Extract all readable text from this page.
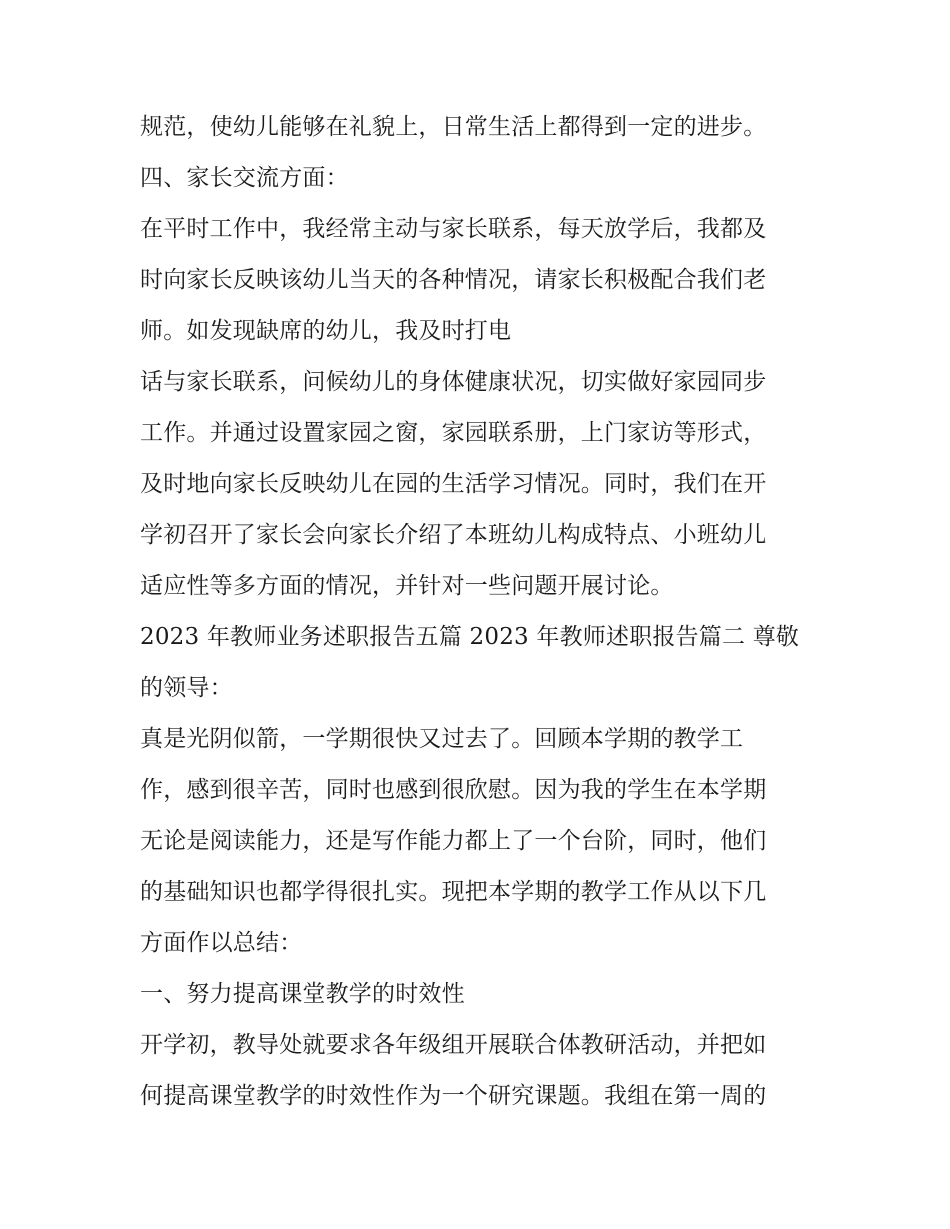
规范，使幼儿能够在礼貌上，日常生活上都得到一定的进步。
四、家长交流方面：
在平时工作中，我经常主动与家长联系，每天放学后，我都及
时向家长反映该幼儿当天的各种情况，请家长积极配合我们老
师。如发现缺席的幼儿，我及时打电
话与家长联系，问候幼儿的身体健康状况，切实做好家园同步
工作。并通过设置家园之窗，家园联系册，上门家访等形式，
及时地向家长反映幼儿在园的生活学习情况。同时，我们在开
学初召开了家长会向家长介绍了本班幼儿构成特点、小班幼儿
适应性等多方面的情况，并针对一些问题开展讨论。
2023 年教师业务述职报告五篇 2023 年教师述职报告篇二 尊敬
的领导：
真是光阴似箭，一学期很快又过去了。回顾本学期的教学工
作，感到很辛苦，同时也感到很欣慰。因为我的学生在本学期
无论是阅读能力，还是写作能力都上了一个台阶，同时，他们
的基础知识也都学得很扎实。现把本学期的教学工作从以下几
方面作以总结：
一、努力提高课堂教学的时效性
开学初，教导处就要求各年级组开展联合体教研活动，并把如
何提高课堂教学的时效性作为一个研究课题。我组在第一周的
